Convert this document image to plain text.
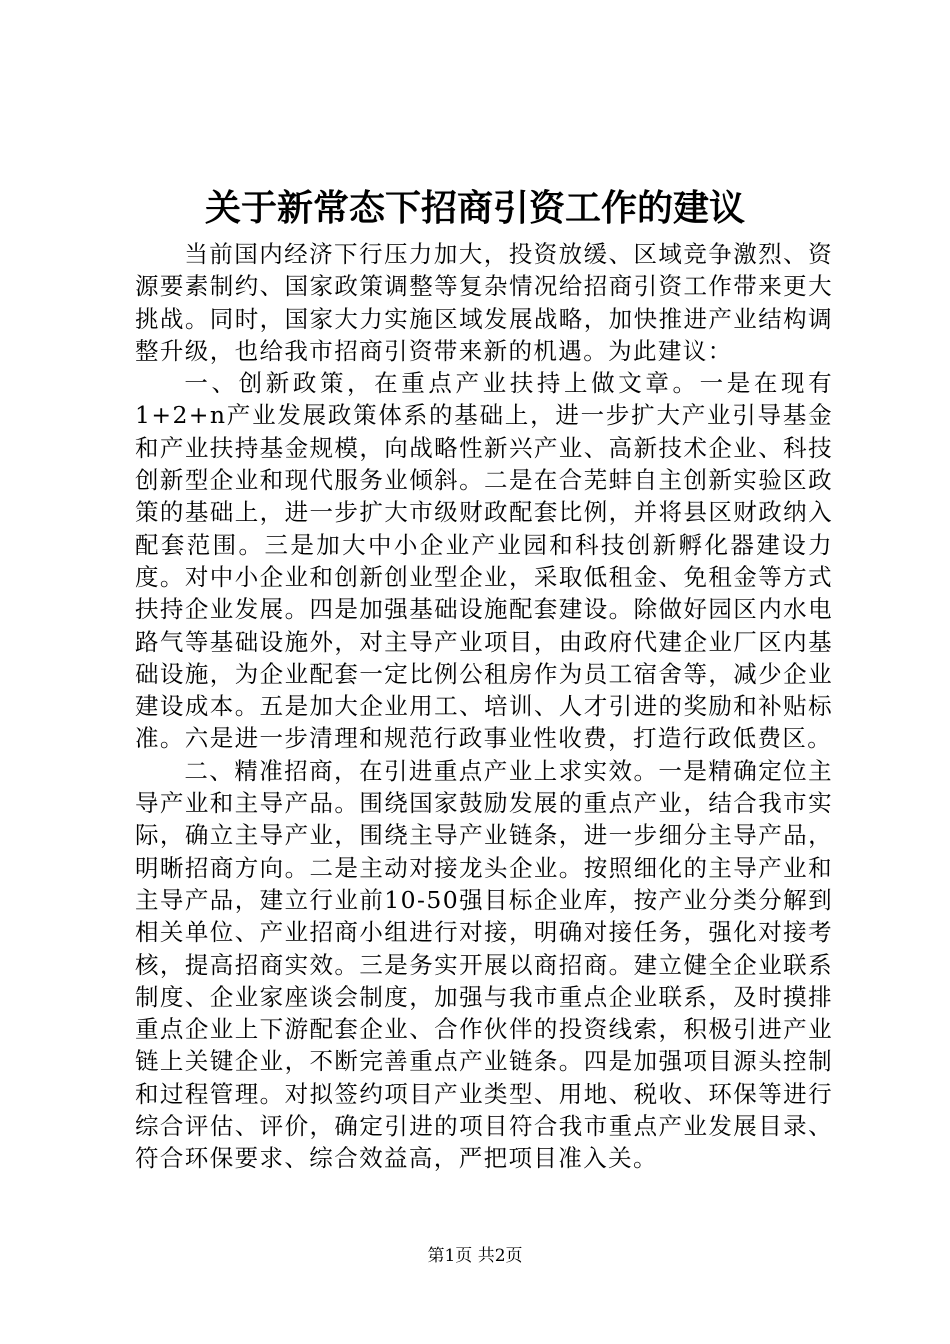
关于新常态下招商引资工作的建议

当前国内经济下行压力加大，投资放缓、区域竞争激烈、资源要素制约、国家政策调整等复杂情况给招商引资工作带来更大挑战。同时，国家大力实施区域发展战略，加快推进产业结构调整升级，也给我市招商引资带来新的机遇。为此建议：

一、创新政策，在重点产业扶持上做文章。一是在现有1+2+n产业发展政策体系的基础上，进一步扩大产业引导基金和产业扶持基金规模，向战略性新兴产业、高新技术企业、科技创新型企业和现代服务业倾斜。二是在合芜蚌自主创新实验区政策的基础上，进一步扩大市级财政配套比例，并将县区财政纳入配套范围。三是加大中小企业产业园和科技创新孵化器建设力度。对中小企业和创新创业型企业，采取低租金、免租金等方式扶持企业发展。四是加强基础设施配套建设。除做好园区内水电路气等基础设施外，对主导产业项目，由政府代建企业厂区内基础设施，为企业配套一定比例公租房作为员工宿舍等，减少企业建设成本。五是加大企业用工、培训、人才引进的奖励和补贴标准。六是进一步清理和规范行政事业性收费，打造行政低费区。

二、精准招商，在引进重点产业上求实效。一是精确定位主导产业和主导产品。围绕国家鼓励发展的重点产业，结合我市实际，确立主导产业，围绕主导产业链条，进一步细分主导产品，明晰招商方向。二是主动对接龙头企业。按照细化的主导产业和主导产品，建立行业前10-50强目标企业库，按产业分类分解到相关单位、产业招商小组进行对接，明确对接任务，强化对接考核，提高招商实效。三是务实开展以商招商。建立健全企业联系制度、企业家座谈会制度，加强与我市重点企业联系，及时摸排重点企业上下游配套企业、合作伙伴的投资线索，积极引进产业链上关键企业，不断完善重点产业链条。四是加强项目源头控制和过程管理。对拟签约项目产业类型、用地、税收、环保等进行综合评估、评价，确定引进的项目符合我市重点产业发展目录、符合环保要求、综合效益高，严把项目准入关。

第1页 共2页
